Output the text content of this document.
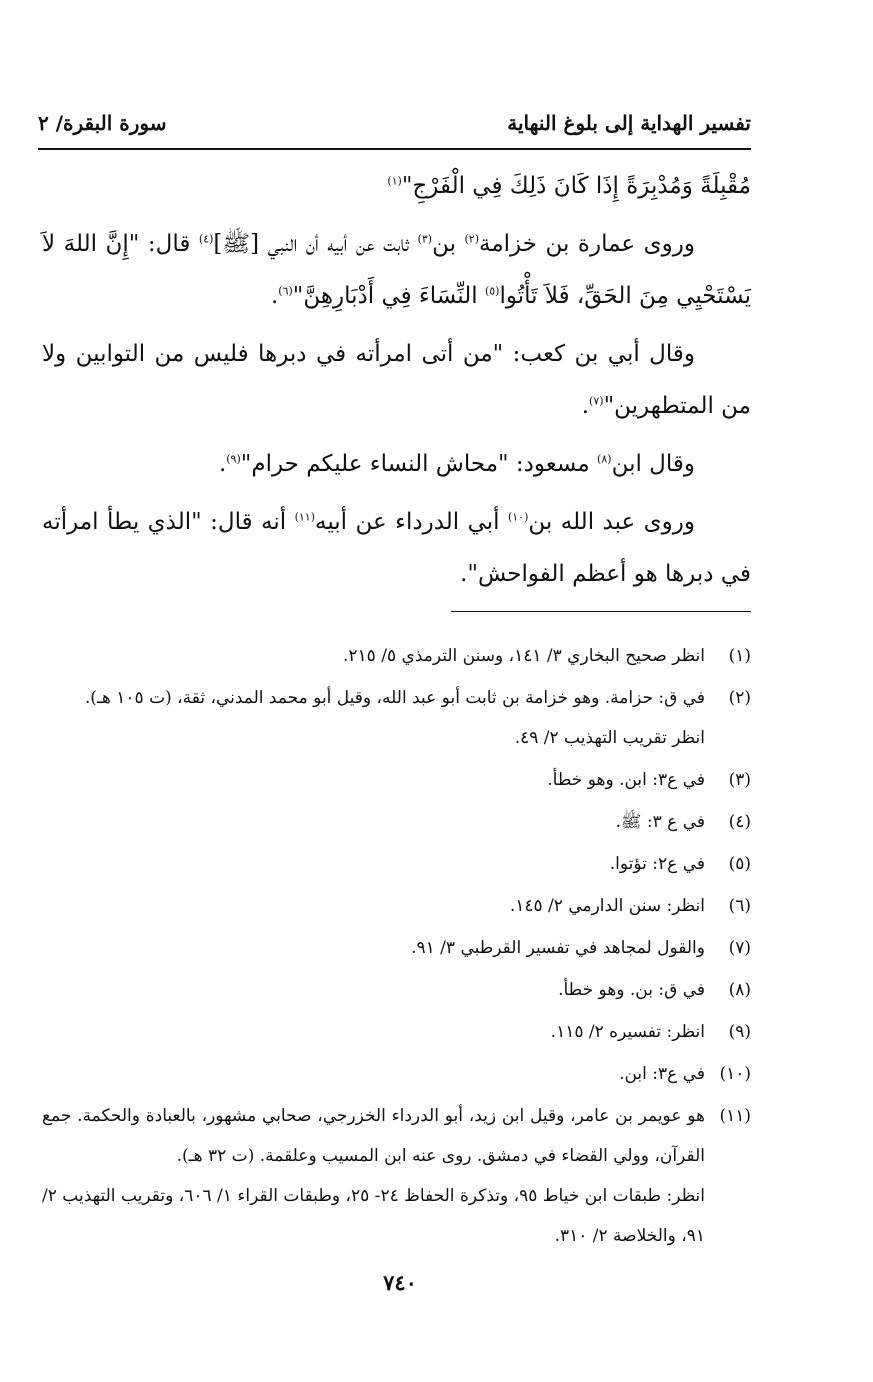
تفسير الهداية إلى بلوغ النهاية
سورة البقرة/ ٢

مُقْبِلَةً وَمُدْبِرَةً إِذَا كَانَ ذَلِكَ فِي الْفَرْجِ"$^{(١)}$

وروى عمارة بن خزامة$^{(٢)}$ بن$^{(٣)}$ ثابت عن أبيه أن النبي [ﷺ]$^{(٤)}$ قال: "إِنَّ اللهَ لاَ يَسْتَحْيِي مِنَ الحَقِّ، فَلاَ تَأْتُوا$^{(٥)}$ النِّسَاءَ فِي أَدْبَارِهِنَّ"$^{(٦)}$.

وقال أبي بن كعب: "من أتى امرأته في دبرها فليس من التوابين ولا من المتطهرين"$^{(٧)}$.

وقال ابن$^{(٨)}$ مسعود: "محاش النساء عليكم حرام"$^{(٩)}$.

وروى عبد الله بن$^{(١٠)}$ أبي الدرداء عن أبيه$^{(١١)}$ أنه قال: "الذي يطأ امرأته في دبرها هو أعظم الفواحش".

(١)
انظر صحيح البخاري ٣/ ١٤١، وسنن الترمذي ٥/ ٢١٥.
(٢)
في ق: حزامة. وهو خزامة بن ثابت أبو عبد الله، وقيل أبو محمد المدني، ثقة، (ت ١٠٥ هـ).
انظر تقريب التهذيب ٢/ ٤٩.
(٣)
في ع٣: ابن. وهو خطأ.
(٤)
في ع ٣: ﷺ.
(٥)
في ع٢: تؤتوا.
(٦)
انظر: سنن الدارمي ٢/ ١٤٥.
(٧)
والقول لمجاهد في تفسير القرطبي ٣/ ٩١.
(٨)
في ق: بن. وهو خطأ.
(٩)
انظر: تفسيره ٢/ ١١٥.
(١٠)
في ع٣: ابن.
(١١)
هو عويمر بن عامر، وقيل ابن زيد، أبو الدرداء الخزرجي، صحابي مشهور، بالعبادة والحكمة. جمع القرآن، وولي القضاء في دمشق. روى عنه ابن المسيب وعلقمة. (ت ٣٢ هـ).
انظر: طبقات ابن خياط ٩٥، وتذكرة الحفاظ ٢٤- ٢٥، وطبقات القراء ١/ ٦٠٦، وتقريب التهذيب ٢/ ٩١، والخلاصة ٢/ ٣١٠.
٧٤٠
